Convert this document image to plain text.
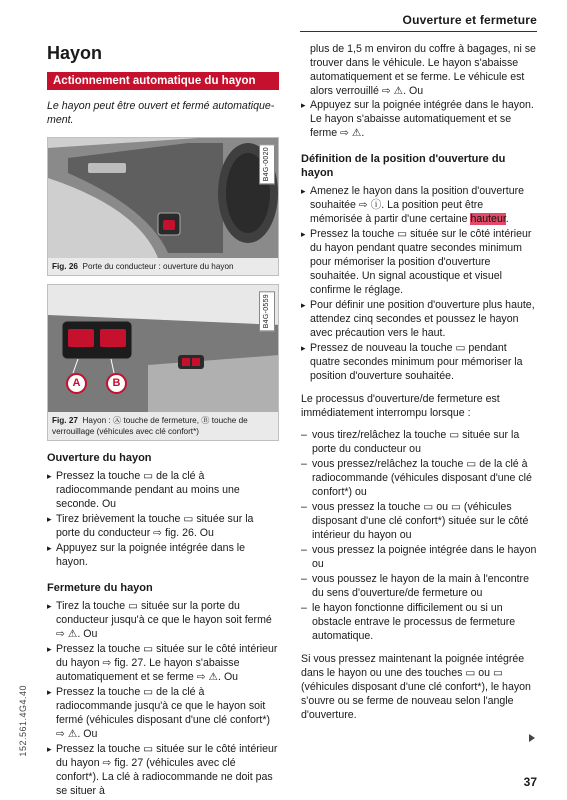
Ouverture et fermeture
Hayon
Actionnement automatique du hayon

Le hayon peut être ouvert et fermé automatique-ment.

B4G-0020
Fig. 26 Porte du conducteur : ouverture du hayon
A	B
B4G-0559
Fig. 27 Hayon : Ⓐ touche de fermeture, Ⓑ touche de verrouillage (véhicules avec clé confort*)
Ouverture du hayon
▸ Pressez la touche ▭ de la clé à radiocommande pendant au moins une seconde. Ou
▸ Tirez brièvement la touche ▭ située sur la porte du conducteur ⇨ fig. 26. Ou
▸ Appuyez sur la poignée intégrée dans le hayon.
Fermeture du hayon
▸ Tirez la touche ▭ située sur la porte du conducteur jusqu'à ce que le hayon soit fermé ⇨ ⚠. Ou
▸ Pressez la touche ▭ située sur le côté intérieur du hayon ⇨ fig. 27. Le hayon s'abaisse automatiquement et se ferme ⇨ ⚠. Ou
▸ Pressez la touche ▭ de la clé à radiocommande jusqu'à ce que le hayon soit fermé (véhicules disposant d'une clé confort*) ⇨ ⚠. Ou
▸ Pressez la touche ▭ située sur le côté intérieur du hayon ⇨ fig. 27 (véhicules avec clé confort*). La clé à radiocommande ne doit pas se situer à

plus de 1,5 m environ du coffre à bagages, ni se trouver dans le véhicule. Le hayon s'abaisse automatiquement et se ferme. Le véhicule est alors verrouillé ⇨ ⚠. Ou

▸ Appuyez sur la poignée intégrée dans le hayon. Le hayon s'abaisse automatiquement et se ferme ⇨ ⚠.
Définition de la position d'ouverture du hayon
▸ Amenez le hayon dans la position d'ouverture souhaitée ⇨ ⓘ. La position peut être mémorisée à partir d'une certaine hauteur.
▸ Pressez la touche ▭ située sur le côté intérieur du hayon pendant quatre secondes minimum pour mémoriser la position d'ouverture souhaitée. Un signal acoustique et visuel confirme le réglage.
▸ Pour définir une position d'ouverture plus haute, attendez cinq secondes et poussez le hayon avec précaution vers le haut.
▸ Pressez de nouveau la touche ▭ pendant quatre secondes minimum pour mémoriser la position d'ouverture souhaitée.

Le processus d'ouverture/de fermeture est immédiatement interrompu lorsque :

– vous tirez/relâchez la touche ▭ située sur la porte du conducteur ou
– vous pressez/relâchez la touche ▭ de la clé à radiocommande (véhicules disposant d'une clé confort*) ou
– vous pressez la touche ▭ ou ▭ (véhicules disposant d'une clé confort*) située sur le côté intérieur du hayon ou
– vous pressez la poignée intégrée dans le hayon ou
– vous poussez le hayon de la main à l'encontre du sens d'ouverture/de fermeture ou
– le hayon fonctionne difficilement ou si un obstacle entrave le processus de fermeture automatique.

Si vous pressez maintenant la poignée intégrée dans le hayon ou une des touches ▭ ou ▭ (véhicules disposant d'une clé confort*), le hayon s'ouvre ou se ferme de nouveau selon l'angle d'ouverture.

37
152.561.4G4.40
